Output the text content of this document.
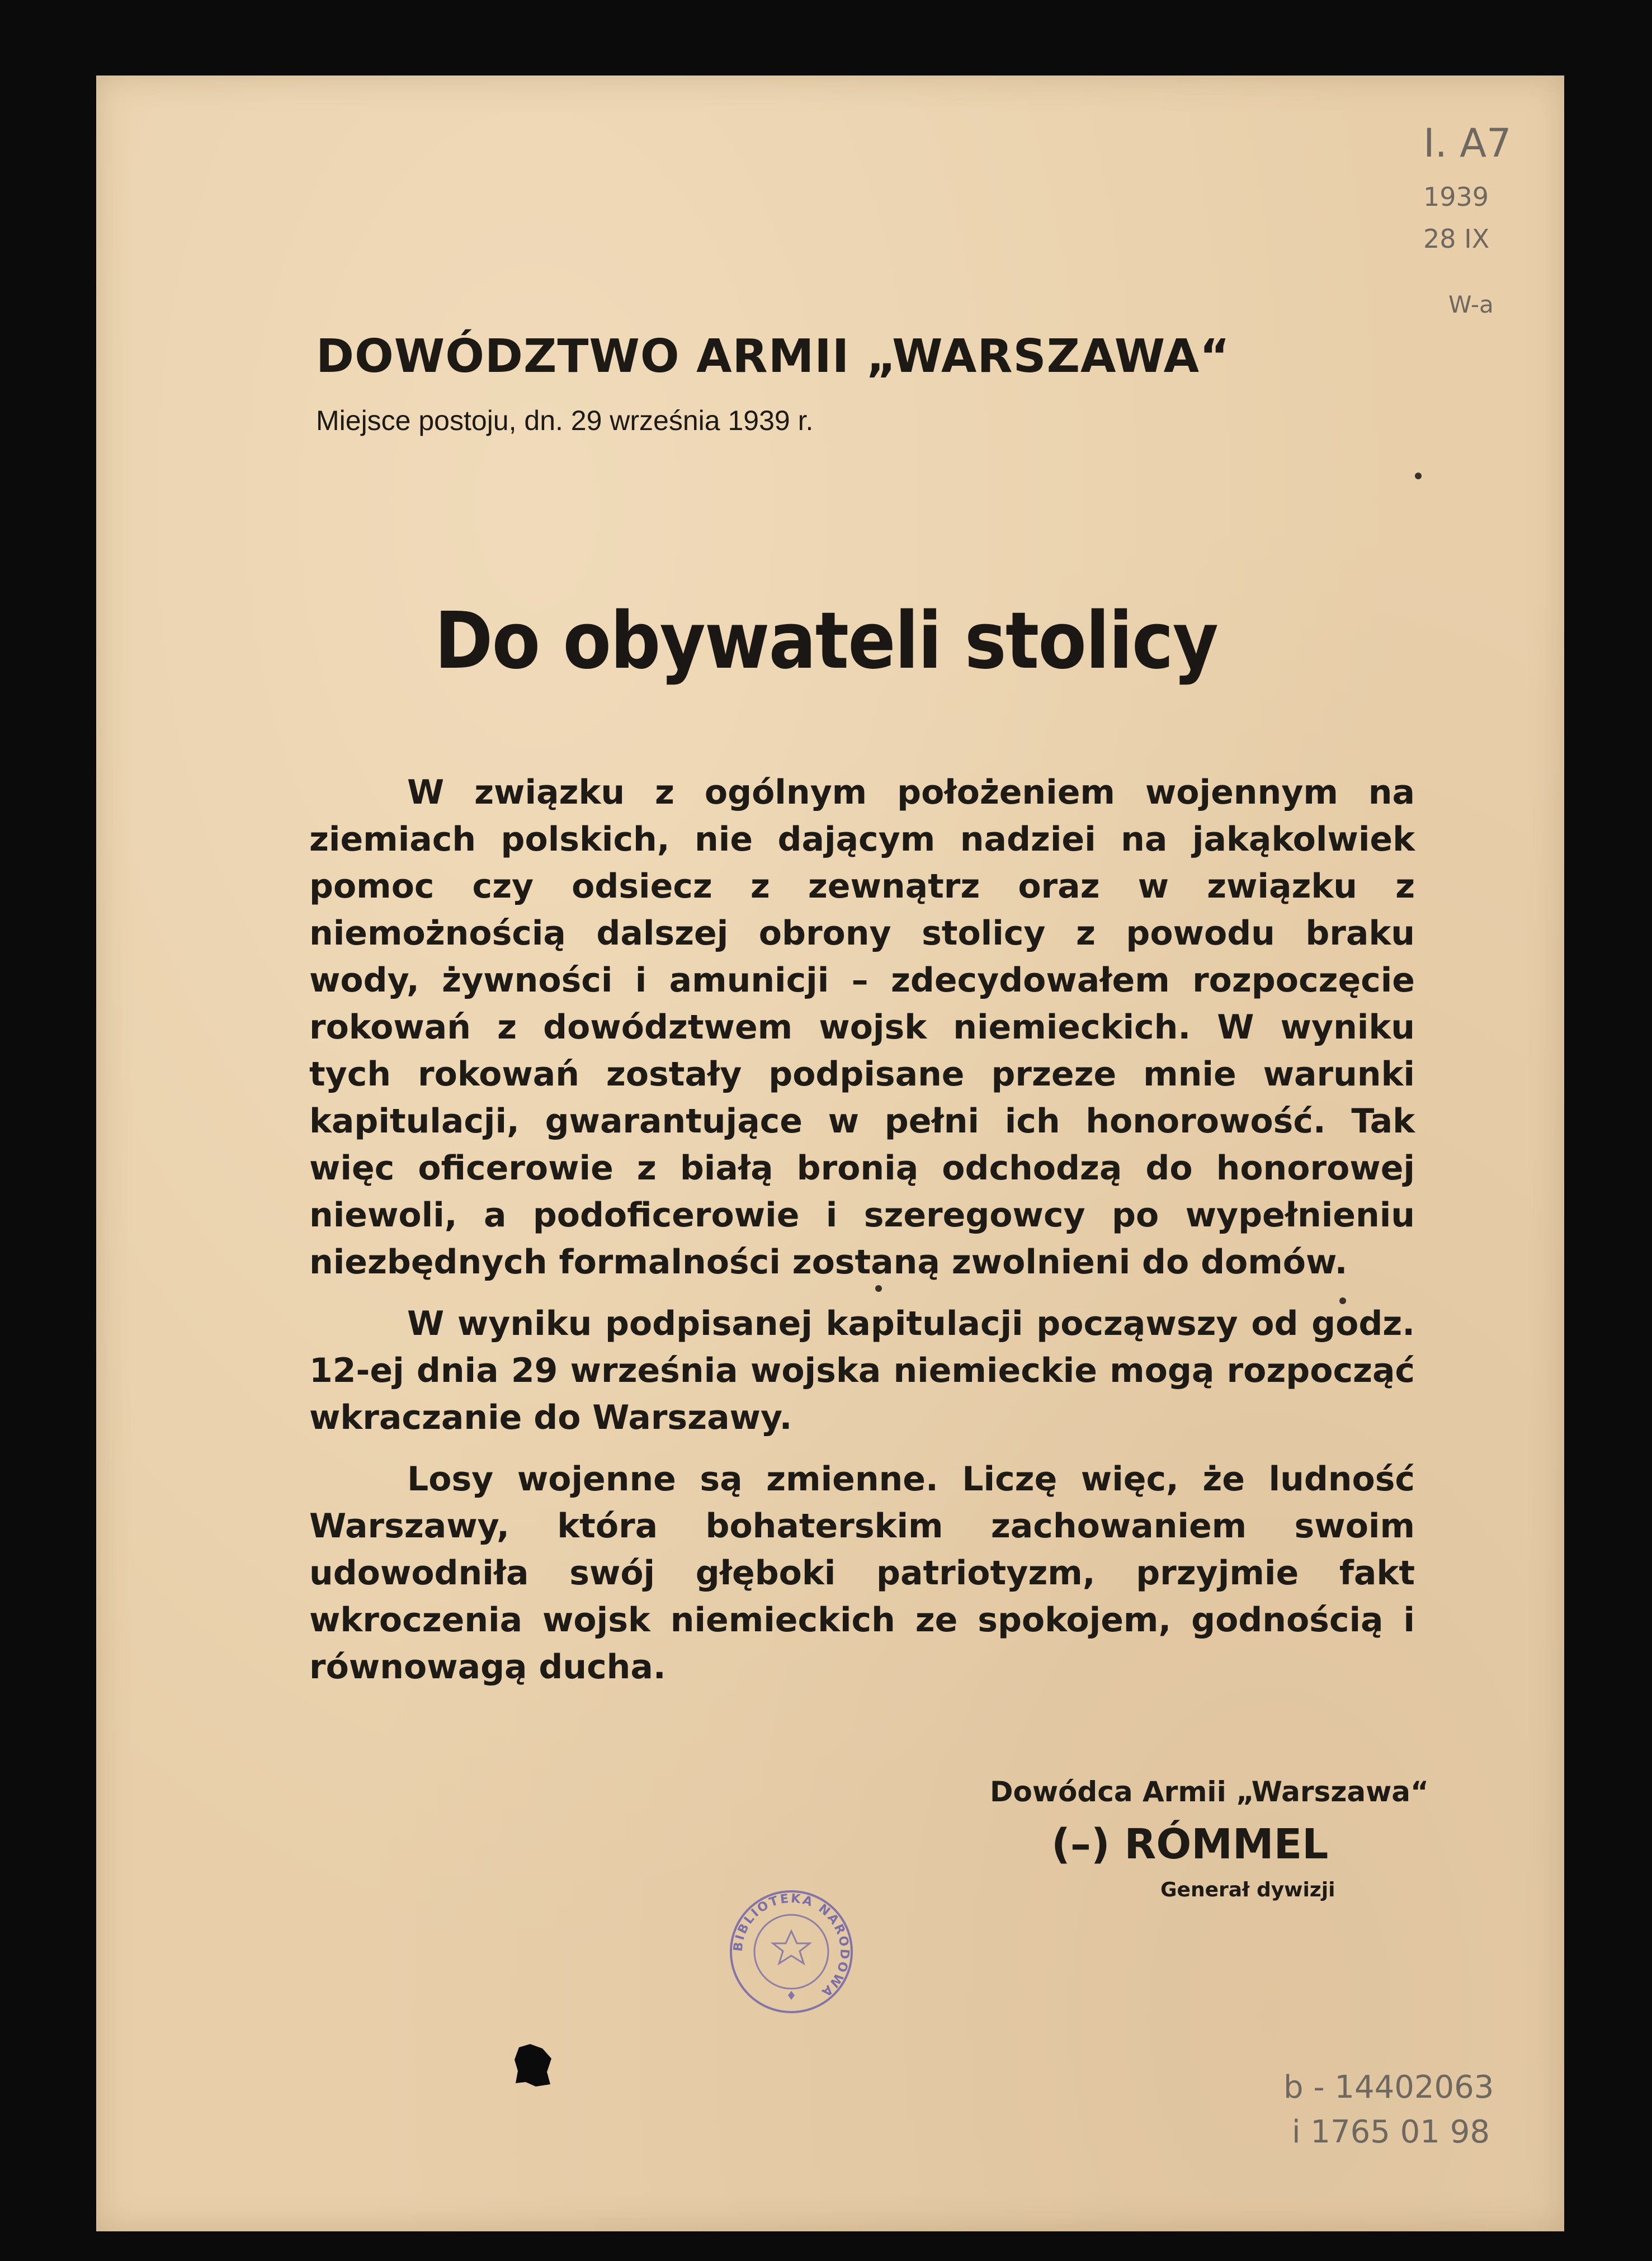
I. A7
1939
28 IX
W-a
DOWÓDZTWO ARMII „WARSZAWA“
Miejsce postoju, dn. 29 września 1939 r.
Do obywateli stolicy

W związku z ogólnym położeniem wojennym na ziemiach polskich, nie dającym nadziei na jakąkolwiek pomoc czy odsiecz z zewnątrz oraz w związku z niemożnością dalszej obrony stolicy z powodu braku wody, żywności i amunicji – zdecydowałem rozpoczęcie rokowań z dowództwem wojsk niemieckich. W wyniku tych rokowań zostały podpisane przeze mnie warunki kapitulacji, gwarantujące w pełni ich honorowość. Tak więc oficerowie z białą bronią odchodzą do honorowej niewoli, a podoficerowie i szeregowcy po wypełnieniu niezbędnych formalności zostaną zwolnieni do domów.

W wyniku podpisanej kapitulacji począwszy od godz. 12-ej dnia 29 września wojska niemieckie mogą rozpocząć wkraczanie do Warszawy.

Losy wojenne są zmienne. Liczę więc, że ludność Warszawy, która bohaterskim zachowaniem swoim udowodniła swój głęboki patriotyzm, przyjmie fakt wkroczenia wojsk niemieckich ze spokojem, godnością i równowagą ducha.

Dowódca Armii „Warszawa“
(–) RÓMMEL
Generał dywizji
BIBLIOTEKA NARODOWA
b - 14402063
i 1765 01 98
